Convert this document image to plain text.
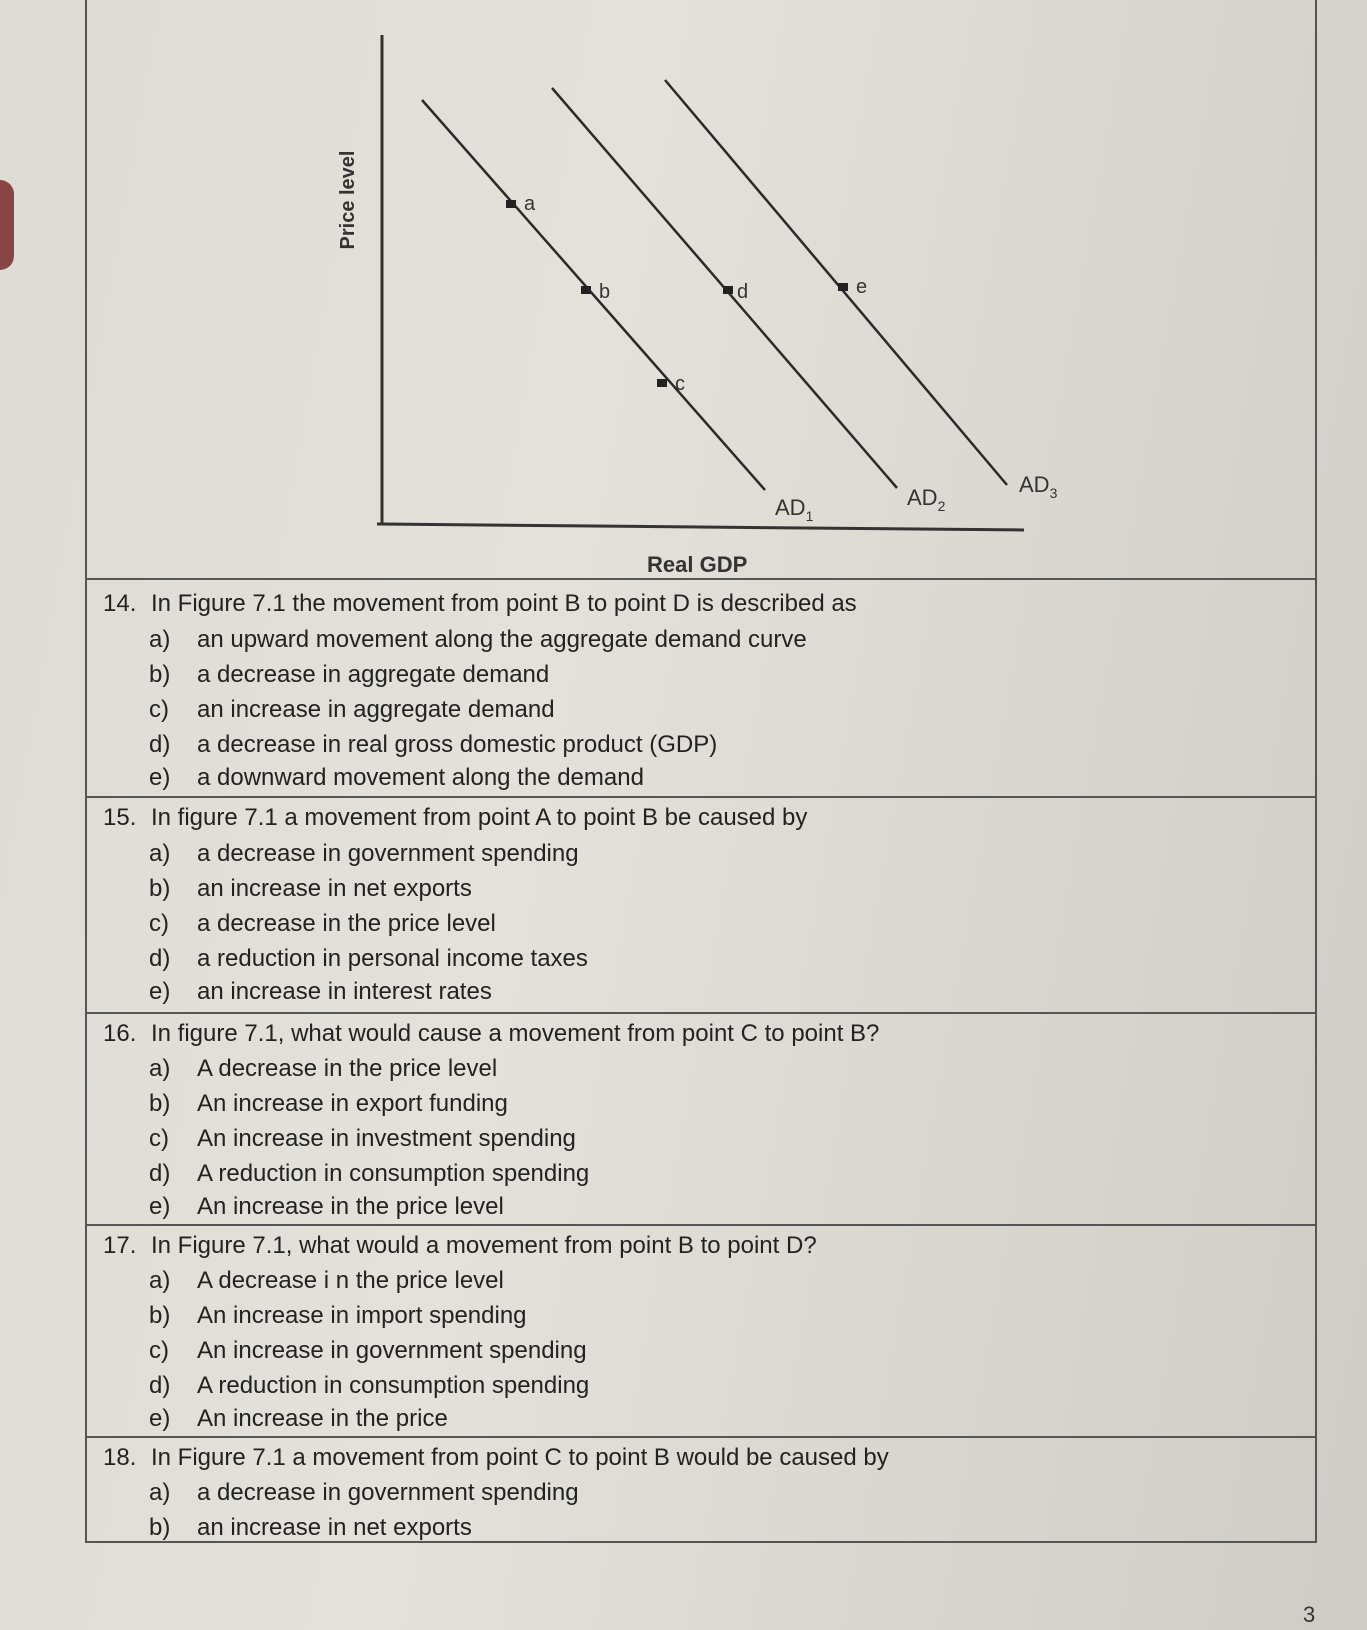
a
b
c
d	e
$AD_1$
$AD_2$
$AD_3$
Price level
Real GDP
14. In Figure 7.1 the movement from point B to point D is described as
a) an upward movement along the aggregate demand curve
b) a decrease in aggregate demand
c) an increase in aggregate demand
d) a decrease in real gross domestic product (GDP)
e) a downward movement along the demand
15. In figure 7.1 a movement from point A to point B be caused by
a) a decrease in government spending
b) an increase in net exports
c) a decrease in the price level
d) a reduction in personal income taxes
e) an increase in interest rates
16. In figure 7.1, what would cause a movement from point C to point B?
a) A decrease in the price level
b) An increase in export funding
c) An increase in investment spending
d) A reduction in consumption spending
e) An increase in the price level
17. In Figure 7.1, what would a movement from point B to point D?
a) A decrease i n the price level
b) An increase in import spending
c) An increase in government spending
d) A reduction in consumption spending
e) An increase in the price
18. In Figure 7.1 a movement from point C to point B would be caused by
a) a decrease in government spending
b) an increase in net exports
3
